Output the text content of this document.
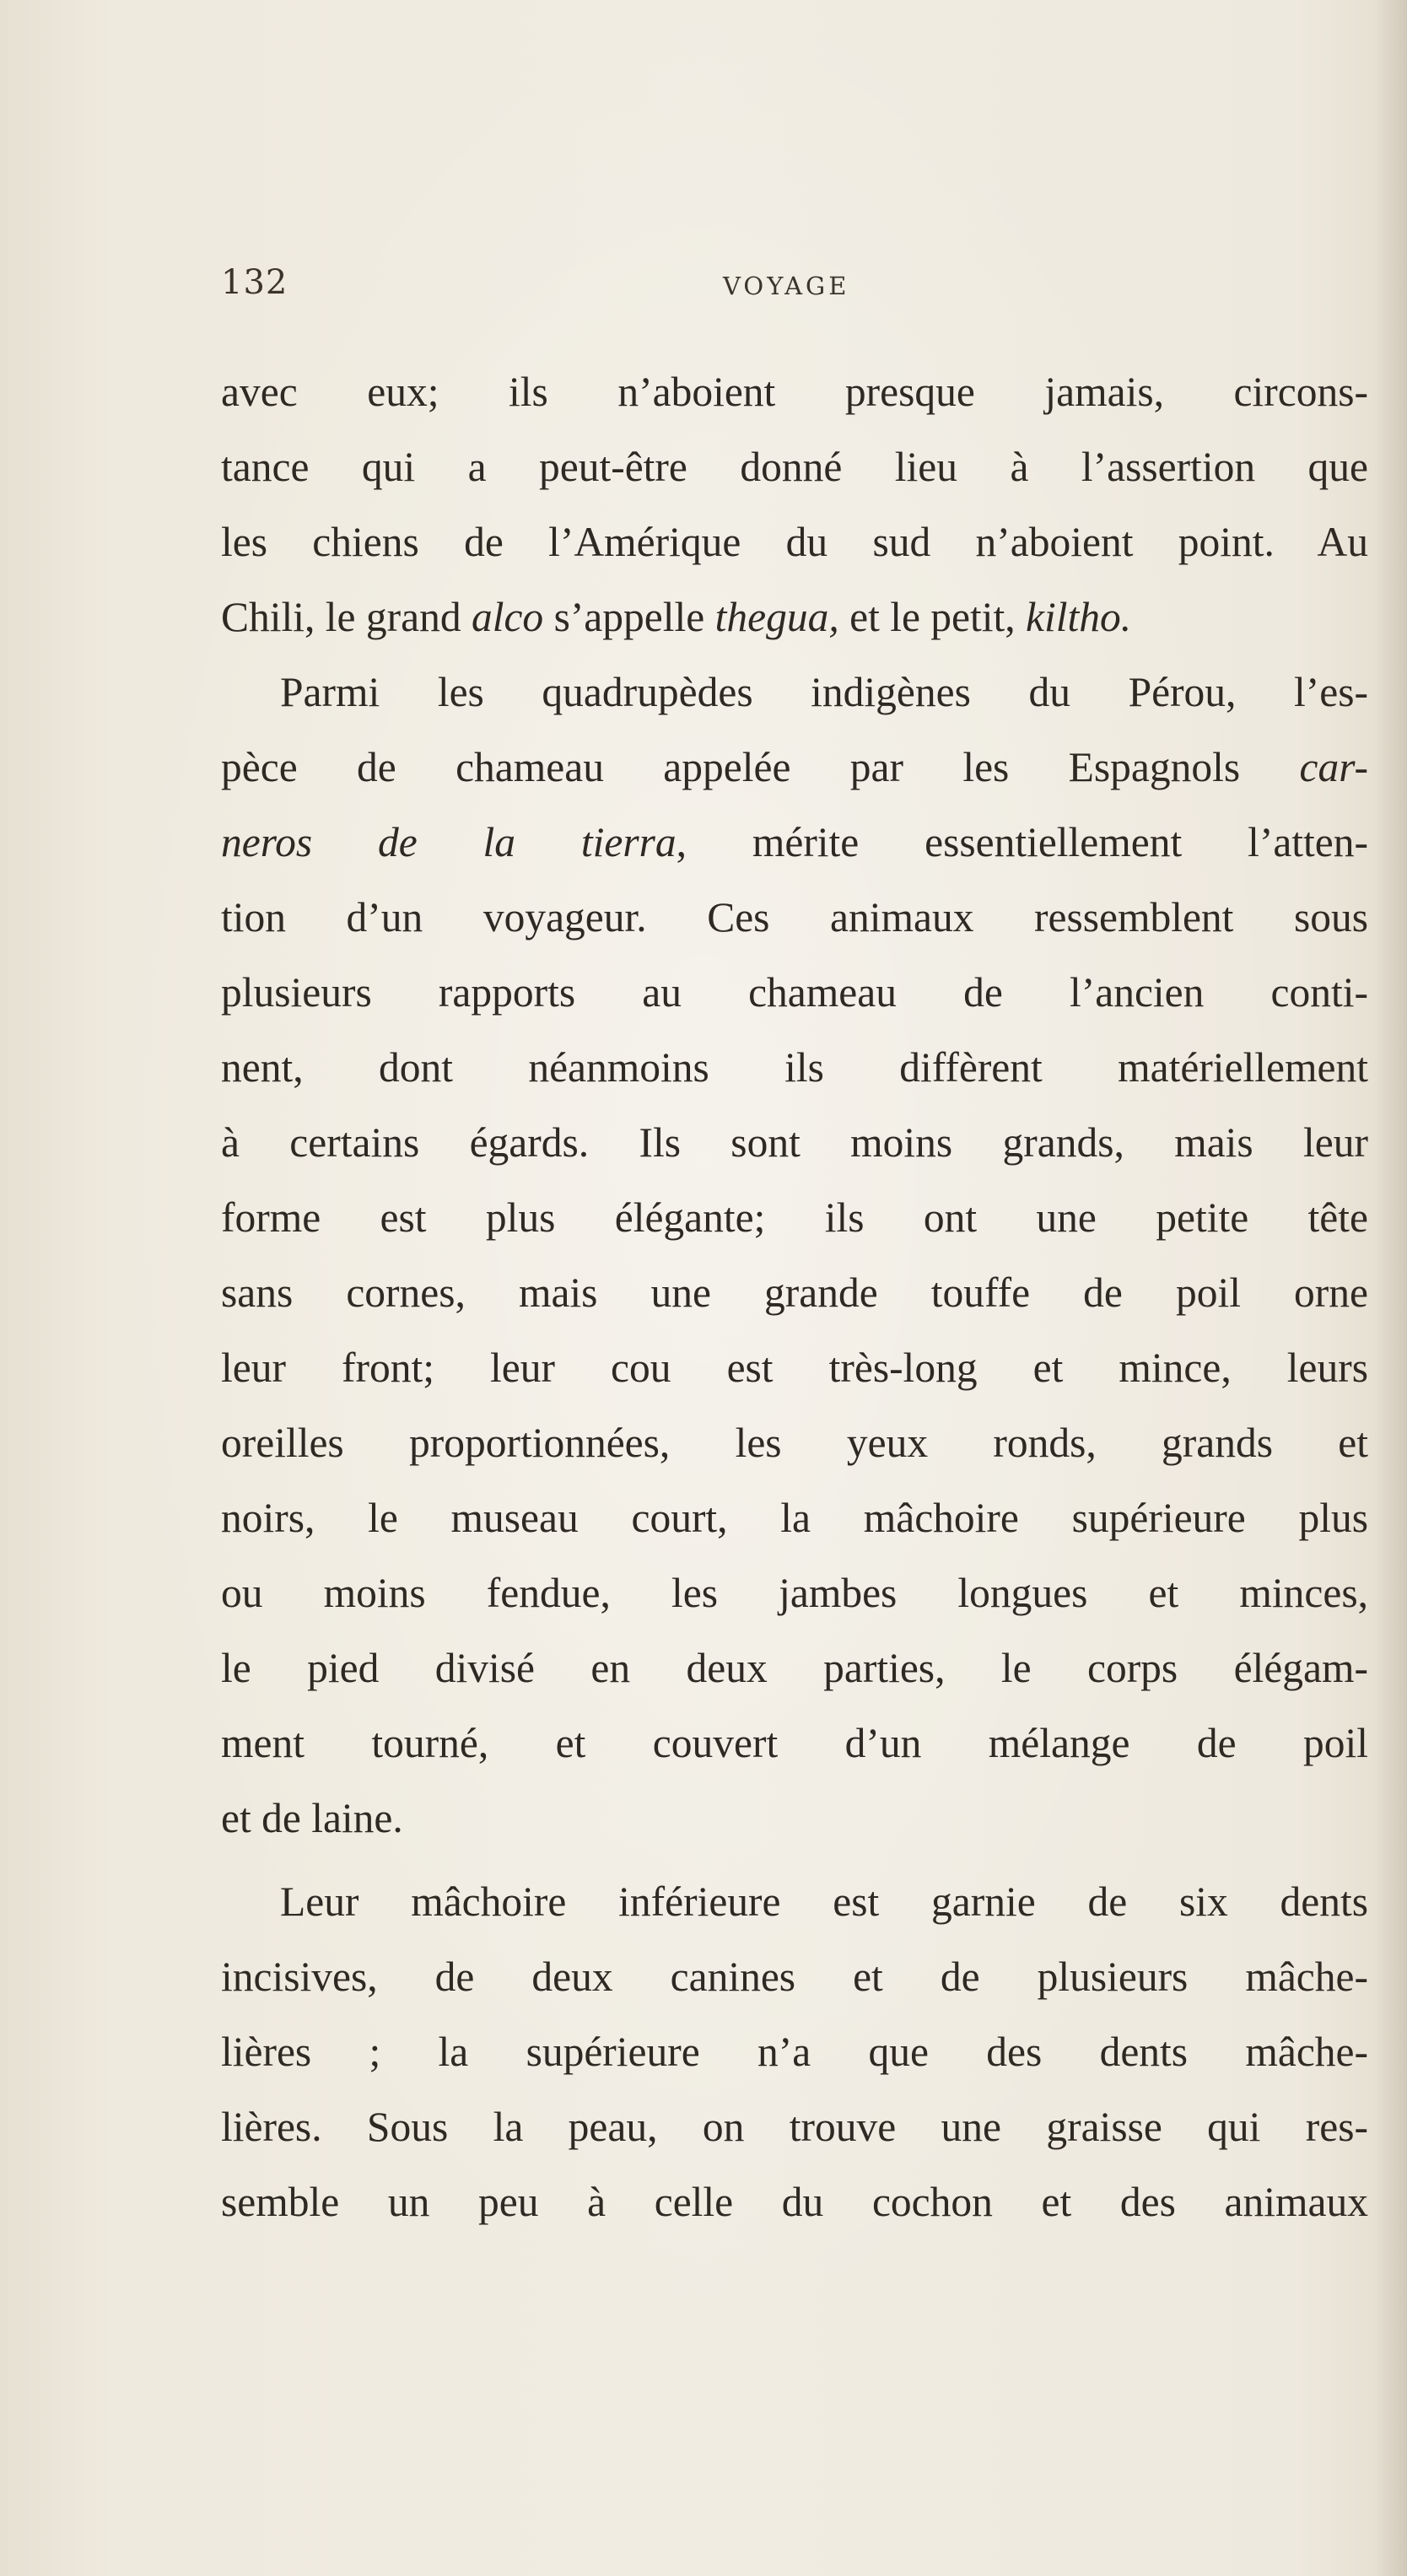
132	VOYAGE
avec eux; ils n’aboient presque jamais, circons-
tance qui a peut-être donné lieu à l’assertion que
les chiens de l’Amérique du sud n’aboient point. Au
Chili, le grand alco s’appelle thegua, et le petit, kiltho.
Parmi les quadrupèdes indigènes du Pérou, l’es-
pèce de chameau appelée par les Espagnols car-
neros de la tierra, mérite essentiellement l’atten-
tion d’un voyageur. Ces animaux ressemblent sous
plusieurs rapports au chameau de l’ancien conti-
nent, dont néanmoins ils diffèrent matériellement
à certains égards. Ils sont moins grands, mais leur
forme est plus élégante; ils ont une petite tête
sans cornes, mais une grande touffe de poil orne
leur front; leur cou est très-long et mince, leurs
oreilles proportionnées, les yeux ronds, grands et
noirs, le museau court, la mâchoire supérieure plus
ou moins fendue, les jambes longues et minces,
le pied divisé en deux parties, le corps élégam-
ment tourné, et couvert d’un mélange de poil
et de laine.
Leur mâchoire inférieure est garnie de six dents
incisives, de deux canines et de plusieurs mâche-
lières ; la supérieure n’a que des dents mâche-
lières. Sous la peau, on trouve une graisse qui res-
semble un peu à celle du cochon et des animaux
